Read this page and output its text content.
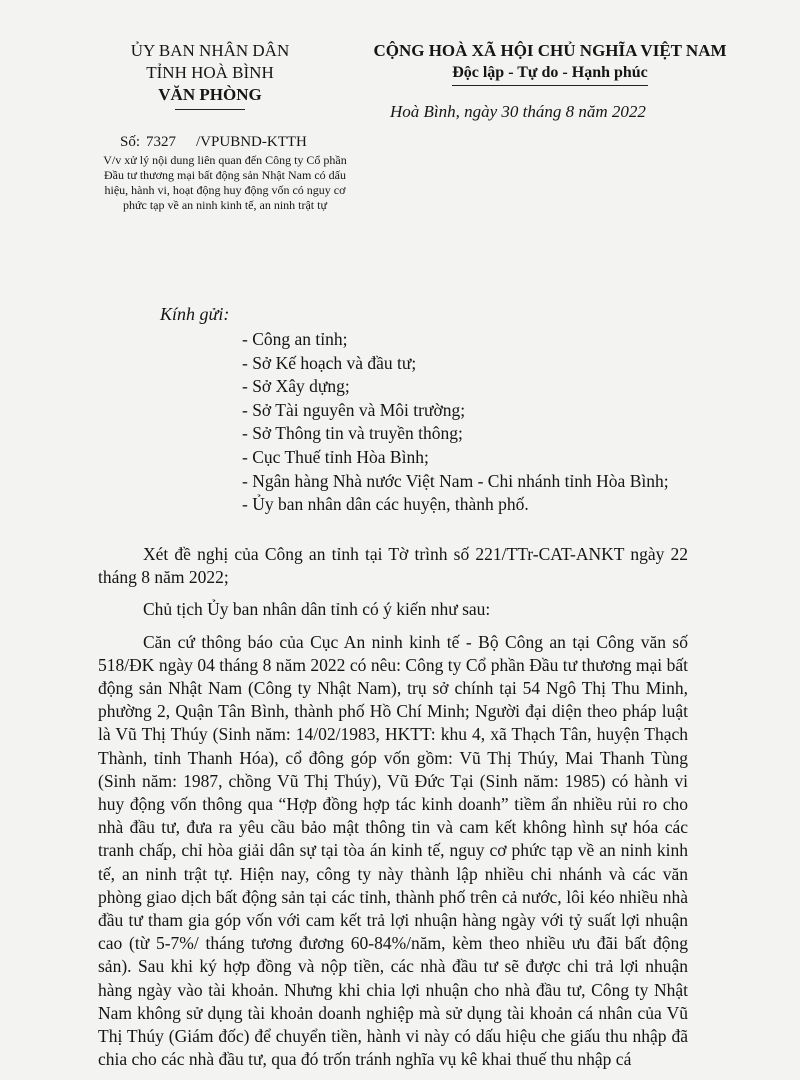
ỦY BAN NHÂN DÂN
TỈNH HOÀ BÌNH
VĂN PHÒNG
CỘNG HOÀ XÃ HỘI CHỦ NGHĨA VIỆT NAM
Độc lập - Tự do - Hạnh phúc
Hoà Bình, ngày 30 tháng 8 năm 2022
Số: 7327 /VPUBND-KTTH
V/v xử lý nội dung liên quan đến Công ty Cổ phần Đầu tư thương mại bất động sản Nhật Nam có dấu hiệu, hành vi, hoạt động huy động vốn có nguy cơ phức tạp về an ninh kinh tế, an ninh trật tự
Kính gửi:
- Công an tỉnh;
- Sở Kế hoạch và đầu tư;
- Sở Xây dựng;
- Sở Tài nguyên và Môi trường;
- Sở Thông tin và truyền thông;
- Cục Thuế tỉnh Hòa Bình;
- Ngân hàng Nhà nước Việt Nam - Chi nhánh tỉnh Hòa Bình;
- Ủy ban nhân dân các huyện, thành phố.

Xét đề nghị của Công an tỉnh tại Tờ trình số 221/TTr-CAT-ANKT ngày 22 tháng 8 năm 2022;

Chủ tịch Ủy ban nhân dân tỉnh có ý kiến như sau:

Căn cứ thông báo của Cục An ninh kinh tế - Bộ Công an tại Công văn số 518/ĐK ngày 04 tháng 8 năm 2022 có nêu: Công ty Cổ phần Đầu tư thương mại bất động sản Nhật Nam (Công ty Nhật Nam), trụ sở chính tại 54 Ngô Thị Thu Minh, phường 2, Quận Tân Bình, thành phố Hồ Chí Minh; Người đại diện theo pháp luật là Vũ Thị Thúy (Sinh năm: 14/02/1983, HKTT: khu 4, xã Thạch Tân, huyện Thạch Thành, tỉnh Thanh Hóa), cổ đông góp vốn gồm: Vũ Thị Thúy, Mai Thanh Tùng (Sinh năm: 1987, chồng Vũ Thị Thúy), Vũ Đức Tại (Sinh năm: 1985) có hành vi huy động vốn thông qua “Hợp đồng hợp tác kinh doanh” tiềm ẩn nhiều rủi ro cho nhà đầu tư, đưa ra yêu cầu bảo mật thông tin và cam kết không hình sự hóa các tranh chấp, chỉ hòa giải dân sự tại tòa án kinh tế, nguy cơ phức tạp về an ninh kinh tế, an ninh trật tự. Hiện nay, công ty này thành lập nhiều chi nhánh và các văn phòng giao dịch bất động sản tại các tỉnh, thành phố trên cả nước, lôi kéo nhiều nhà đầu tư tham gia góp vốn với cam kết trả lợi nhuận hàng ngày với tỷ suất lợi nhuận cao (từ 5-7%/ tháng tương đương 60-84%/năm, kèm theo nhiều ưu đãi bất động sản). Sau khi ký hợp đồng và nộp tiền, các nhà đầu tư sẽ được chi trả lợi nhuận hàng ngày vào tài khoản. Nhưng khi chia lợi nhuận cho nhà đầu tư, Công ty Nhật Nam không sử dụng tài khoản doanh nghiệp mà sử dụng tài khoản cá nhân của Vũ Thị Thúy (Giám đốc) để chuyển tiền, hành vi này có dấu hiệu che giấu thu nhập đã chia cho các nhà đầu tư, qua đó trốn tránh nghĩa vụ kê khai thuế thu nhập cá
